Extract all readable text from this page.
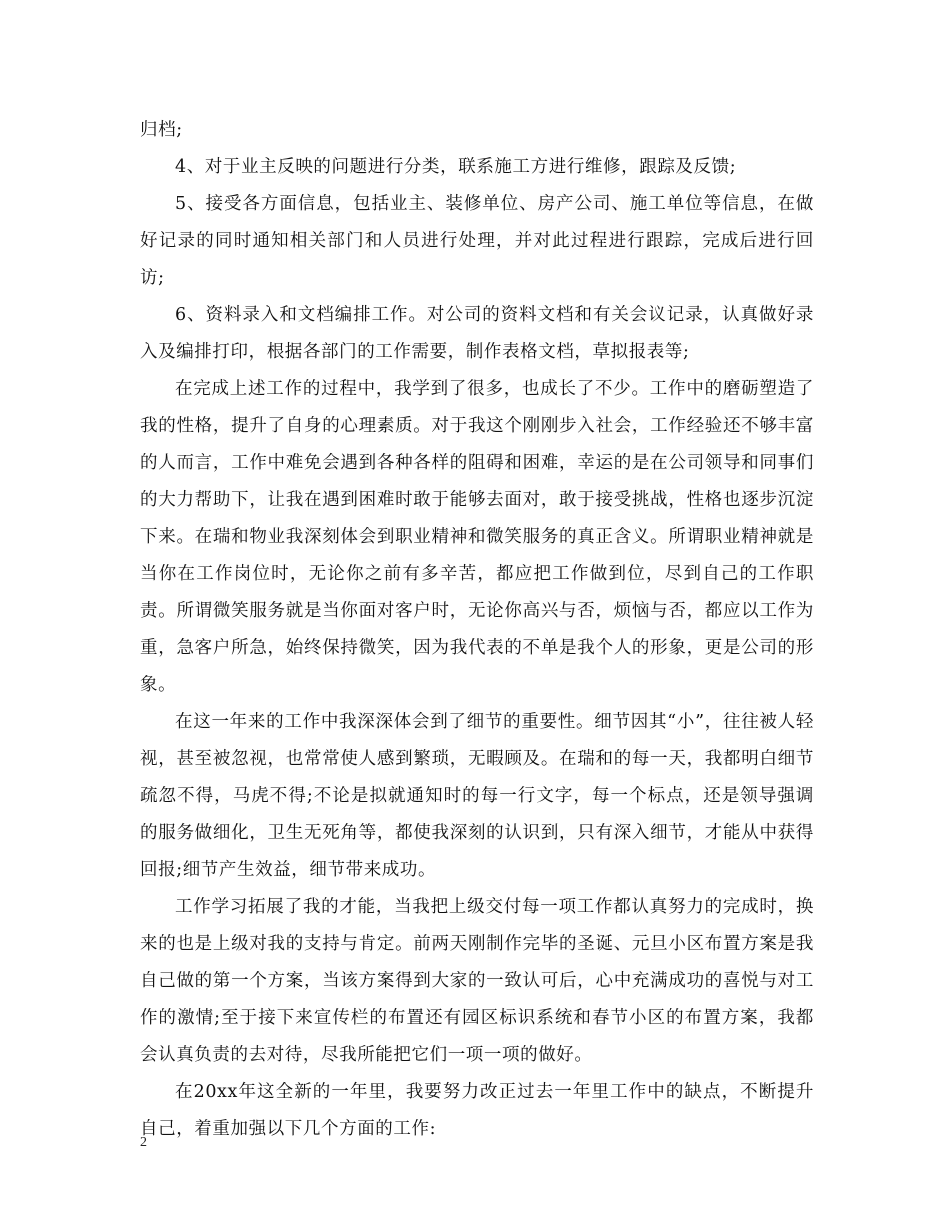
归档;

4、对于业主反映的问题进行分类，联系施工方进行维修，跟踪及反馈;

5、接受各方面信息，包括业主、装修单位、房产公司、施工单位等信息，在做好记录的同时通知相关部门和人员进行处理，并对此过程进行跟踪，完成后进行回访;

6、资料录入和文档编排工作。对公司的资料文档和有关会议记录，认真做好录入及编排打印，根据各部门的工作需要，制作表格文档，草拟报表等;

在完成上述工作的过程中，我学到了很多，也成长了不少。工作中的磨砺塑造了我的性格，提升了自身的心理素质。对于我这个刚刚步入社会，工作经验还不够丰富的人而言，工作中难免会遇到各种各样的阻碍和困难，幸运的是在公司领导和同事们的大力帮助下，让我在遇到困难时敢于能够去面对，敢于接受挑战，性格也逐步沉淀下来。在瑞和物业我深刻体会到职业精神和微笑服务的真正含义。所谓职业精神就是当你在工作岗位时，无论你之前有多辛苦，都应把工作做到位，尽到自己的工作职责。所谓微笑服务就是当你面对客户时，无论你高兴与否，烦恼与否，都应以工作为重，急客户所急，始终保持微笑，因为我代表的不单是我个人的形象，更是公司的形象。

在这一年来的工作中我深深体会到了细节的重要性。细节因其“小”，往往被人轻视，甚至被忽视，也常常使人感到繁琐，无暇顾及。在瑞和的每一天，我都明白细节疏忽不得，马虎不得;不论是拟就通知时的每一行文字，每一个标点，还是领导强调的服务做细化，卫生无死角等，都使我深刻的认识到，只有深入细节，才能从中获得回报;细节产生效益，细节带来成功。

工作学习拓展了我的才能，当我把上级交付每一项工作都认真努力的完成时，换来的也是上级对我的支持与肯定。前两天刚制作完毕的圣诞、元旦小区布置方案是我自己做的第一个方案，当该方案得到大家的一致认可后，心中充满成功的喜悦与对工作的激情;至于接下来宣传栏的布置还有园区标识系统和春节小区的布置方案，我都会认真负责的去对待，尽我所能把它们一项一项的做好。

在20xx年这全新的一年里，我要努力改正过去一年里工作中的缺点，不断提升自己，着重加强以下几个方面的工作:

2
